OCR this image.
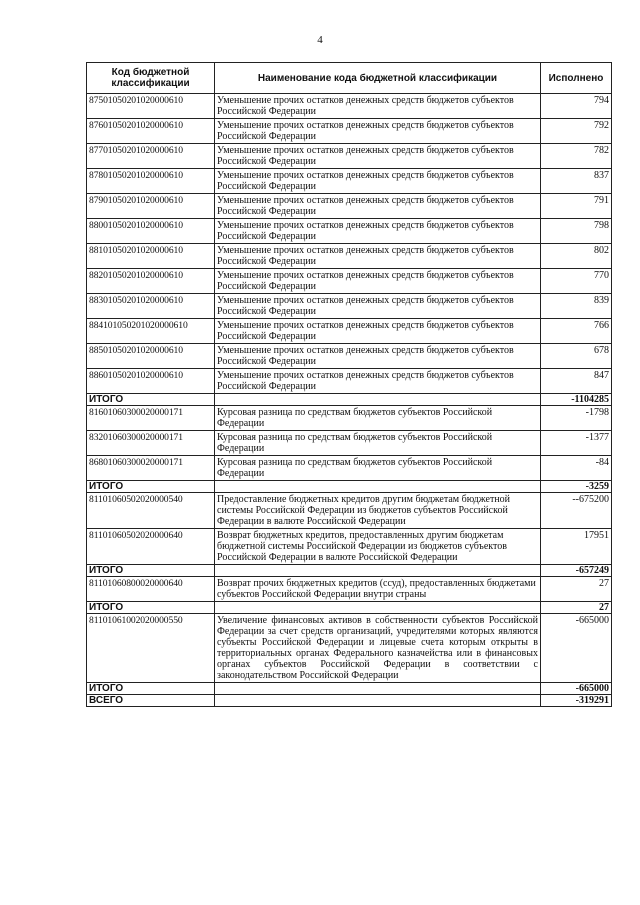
4
Код бюджетной классификации	Наименование кода бюджетной классификации	Исполнено
87501050201020000610	Уменьшение прочих остатков денежных средств бюджетов субъектов Российской Федерации	794
87601050201020000610	Уменьшение прочих остатков денежных средств бюджетов субъектов Российской Федерации	792
87701050201020000610	Уменьшение прочих остатков денежных средств бюджетов субъектов Российской Федерации	782
87801050201020000610	Уменьшение прочих остатков денежных средств бюджетов субъектов Российской Федерации	837
87901050201020000610	Уменьшение прочих остатков денежных средств бюджетов субъектов Российской Федерации	791
88001050201020000610	Уменьшение прочих остатков денежных средств бюджетов субъектов Российской Федерации	798
88101050201020000610	Уменьшение прочих остатков денежных средств бюджетов субъектов Российской Федерации	802
88201050201020000610	Уменьшение прочих остатков денежных средств бюджетов субъектов Российской Федерации	770
88301050201020000610	Уменьшение прочих остатков денежных средств бюджетов субъектов Российской Федерации	839
884101050201020000610	Уменьшение прочих остатков денежных средств бюджетов субъектов Российской Федерации	766
88501050201020000610	Уменьшение прочих остатков денежных средств бюджетов субъектов Российской Федерации	678
88601050201020000610	Уменьшение прочих остатков денежных средств бюджетов субъектов Российской Федерации	847
ИТОГО		-1104285
81601060300020000171	Курсовая разница по средствам бюджетов субъектов Российской Федерации	-1798
83201060300020000171	Курсовая разница по средствам бюджетов субъектов Российской Федерации	-1377
86801060300020000171	Курсовая разница по средствам бюджетов субъектов Российской Федерации	-84
ИТОГО		-3259
81101060502020000540	Предоставление бюджетных кредитов другим бюджетам бюджетной системы Российской Федерации из бюджетов субъектов Российской Федерации в валюте Российской Федерации	--675200
81101060502020000640	Возврат бюджетных кредитов, предоставленных другим бюджетам бюджетной системы Российской Федерации из бюджетов субъектов Российской Федерации в валюте Российской Федерации	17951
ИТОГО		-657249
81101060800020000640	Возврат прочих бюджетных кредитов (ссуд), предоставленных бюджетами субъектов Российской Федерации внутри страны	27
ИТОГО		27
81101061002020000550	Увеличение финансовых активов в собственности субъектов Российской Федерации за счет средств организаций, учредителями которых являются субъекты Российской Федерации и лицевые счета которым открыты в территориальных органах Федерального казначейства или в финансовых органах субъектов Российской Федерации в соответствии с законодательством Российской Федерации	-665000
ИТОГО		-665000
ВСЕГО		-319291
